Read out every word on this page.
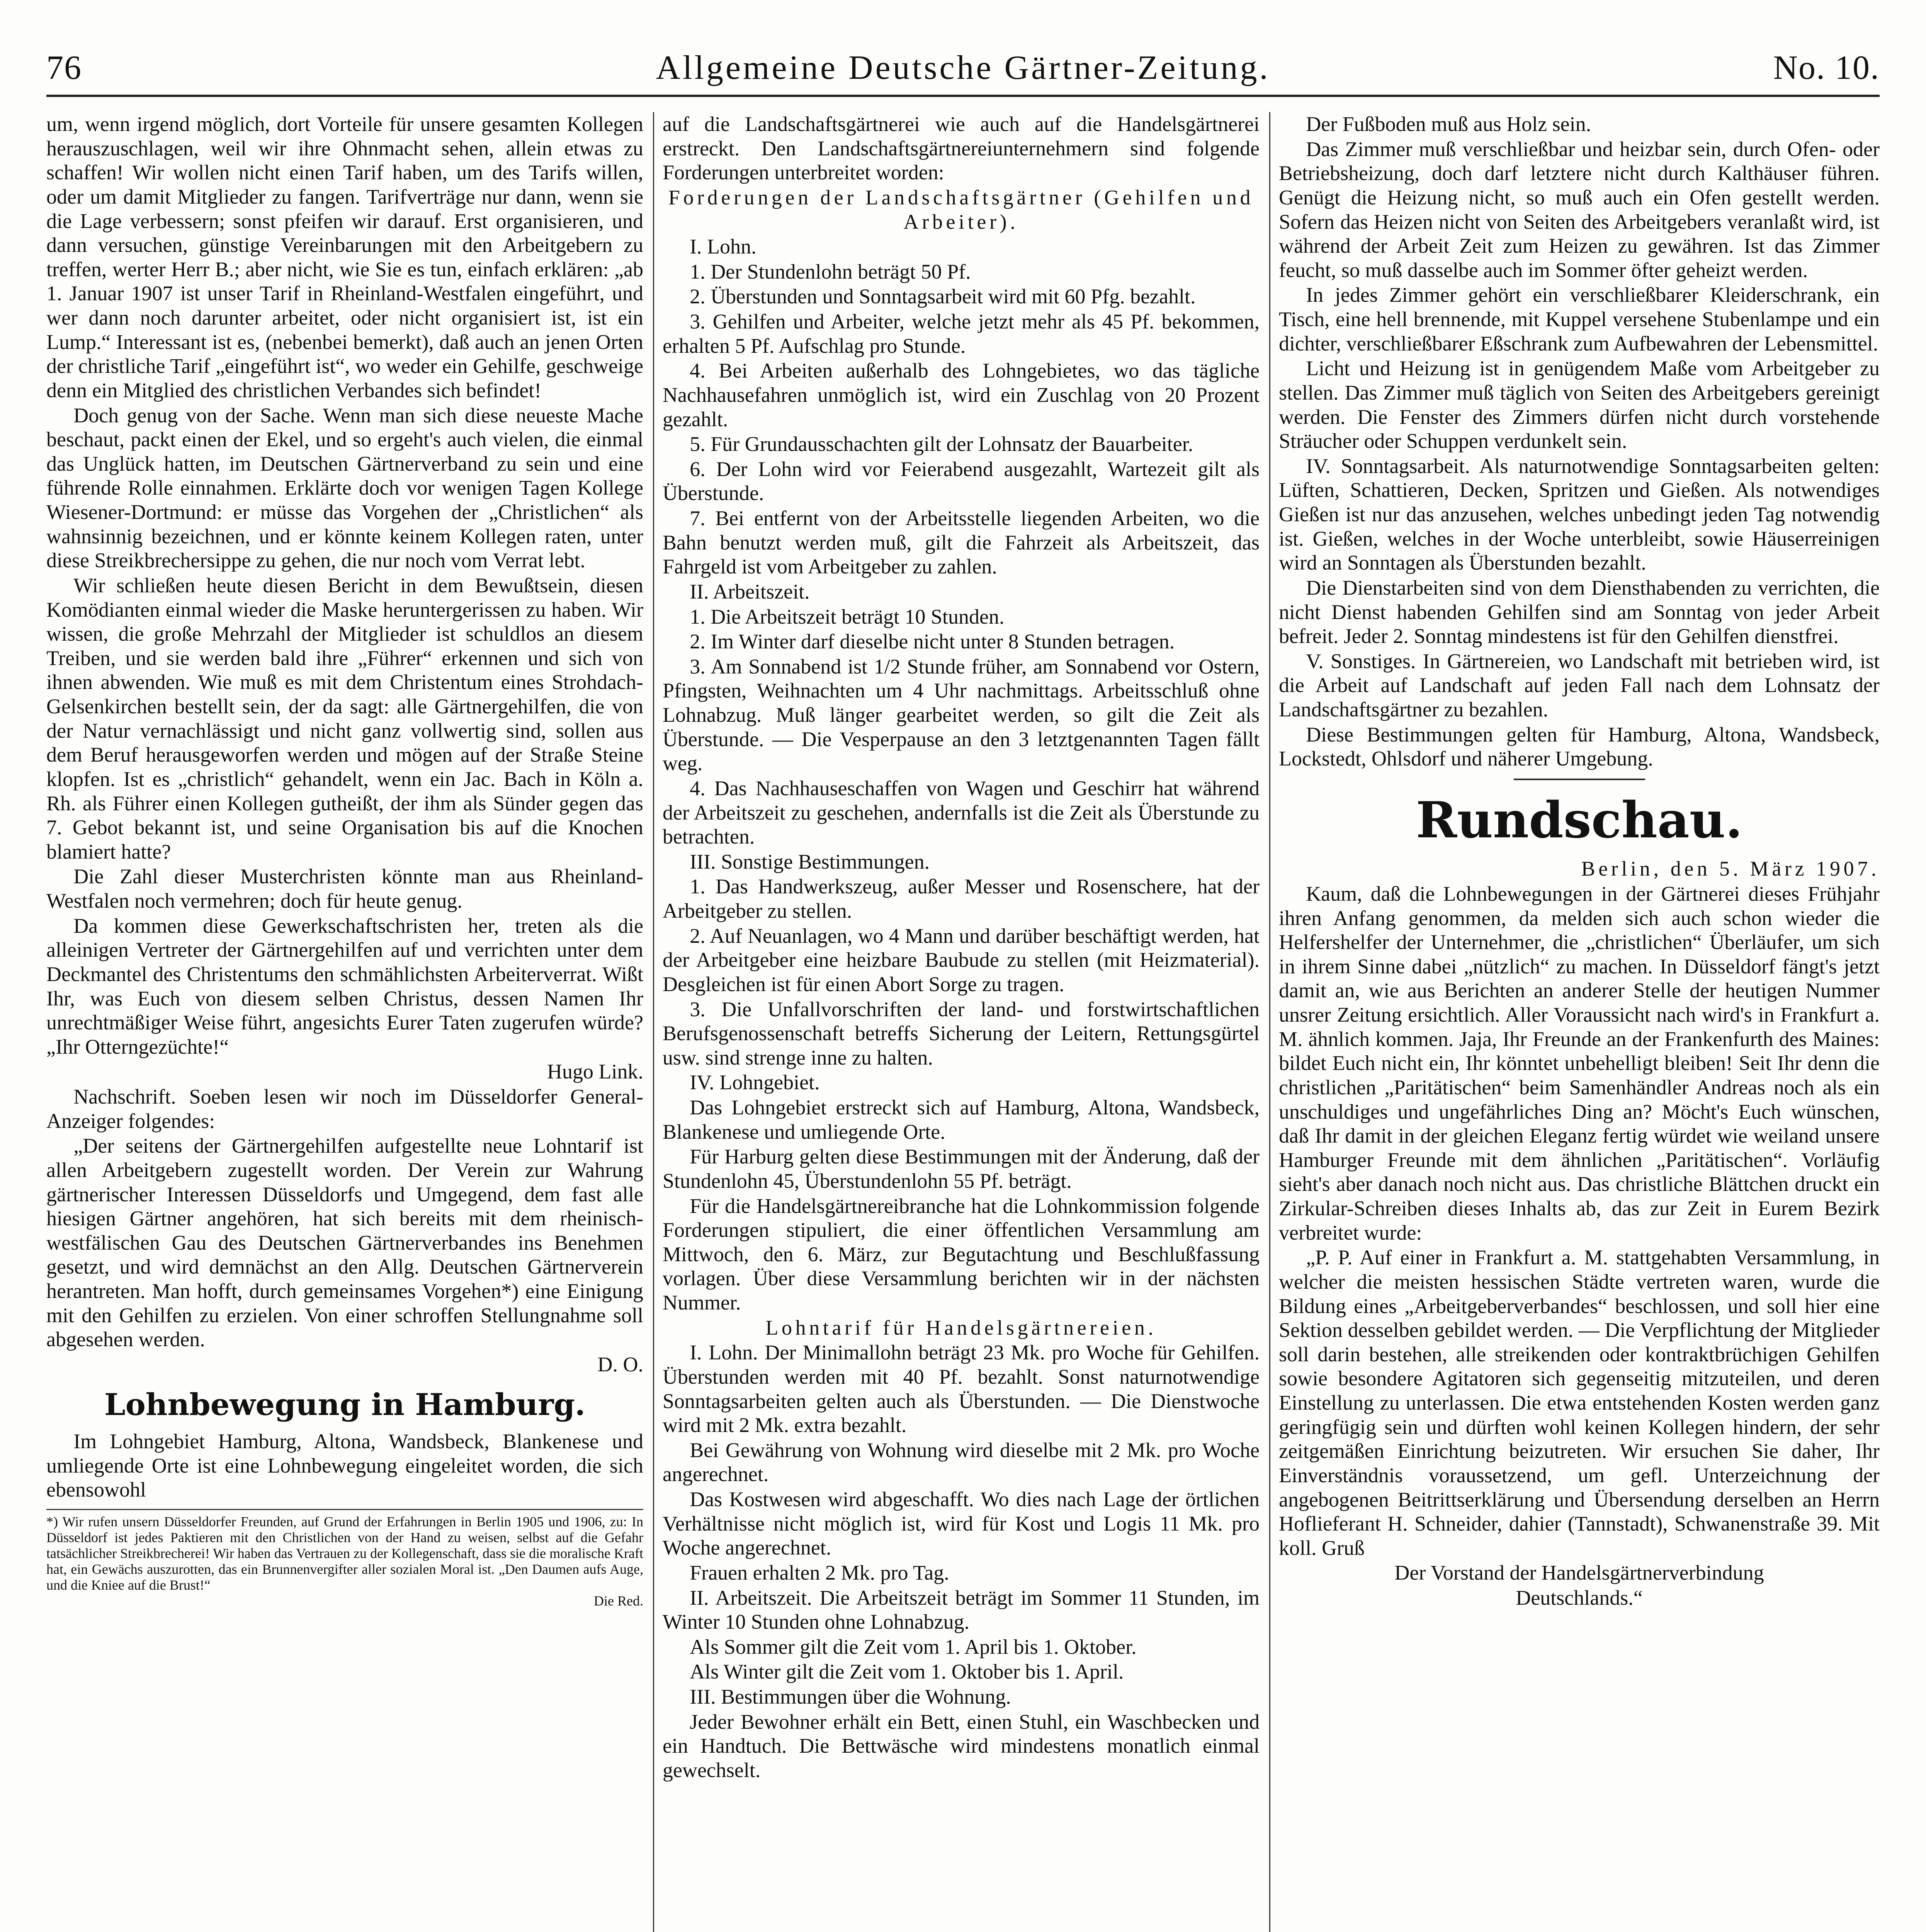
76	Allgemeine Deutsche Gärtner-Zeitung.	No. 10.

um, wenn irgend möglich, dort Vorteile für unsere gesamten Kollegen herauszuschlagen, weil wir ihre Ohnmacht sehen, allein etwas zu schaffen! Wir wollen nicht einen Tarif haben, um des Tarifs willen, oder um damit Mitglieder zu fangen. Tarifverträge nur dann, wenn sie die Lage verbessern; sonst pfeifen wir darauf. Erst organisieren, und dann versuchen, günstige Vereinbarungen mit den Arbeitgebern zu treffen, werter Herr B.; aber nicht, wie Sie es tun, einfach erklären: „ab 1. Januar 1907 ist unser Tarif in Rheinland-Westfalen eingeführt, und wer dann noch darunter arbeitet, oder nicht organisiert ist, ist ein Lump.“ Interessant ist es, (nebenbei bemerkt), daß auch an jenen Orten der christliche Tarif „eingeführt ist“, wo weder ein Gehilfe, geschweige denn ein Mitglied des christlichen Verbandes sich befindet!

Doch genug von der Sache. Wenn man sich diese neueste Mache beschaut, packt einen der Ekel, und so ergeht's auch vielen, die einmal das Unglück hatten, im Deutschen Gärtnerverband zu sein und eine führende Rolle einnahmen. Erklärte doch vor wenigen Tagen Kollege Wiesener-Dortmund: er müsse das Vorgehen der „Christlichen“ als wahnsinnig bezeichnen, und er könnte keinem Kollegen raten, unter diese Streikbrechersippe zu gehen, die nur noch vom Verrat lebt.

Wir schließen heute diesen Bericht in dem Bewußtsein, diesen Komödianten einmal wieder die Maske heruntergerissen zu haben. Wir wissen, die große Mehrzahl der Mitglieder ist schuldlos an diesem Treiben, und sie werden bald ihre „Führer“ erkennen und sich von ihnen abwenden. Wie muß es mit dem Christentum eines Strohdach-Gelsenkirchen bestellt sein, der da sagt: alle Gärtnergehilfen, die von der Natur vernachlässigt und nicht ganz vollwertig sind, sollen aus dem Beruf herausgeworfen werden und mögen auf der Straße Steine klopfen. Ist es „christlich“ gehandelt, wenn ein Jac. Bach in Köln a. Rh. als Führer einen Kollegen gutheißt, der ihm als Sünder gegen das 7. Gebot bekannt ist, und seine Organisation bis auf die Knochen blamiert hatte?

Die Zahl dieser Musterchristen könnte man aus Rheinland-Westfalen noch vermehren; doch für heute genug.

Da kommen diese Gewerkschaftschristen her, treten als die alleinigen Vertreter der Gärtnergehilfen auf und verrichten unter dem Deckmantel des Christentums den schmählichsten Arbeiterverrat. Wißt Ihr, was Euch von diesem selben Christus, dessen Namen Ihr unrechtmäßiger Weise führt, angesichts Eurer Taten zugerufen würde? „Ihr Otterngezüchte!“

Hugo Link.

Nachschrift. Soeben lesen wir noch im Düsseldorfer General-Anzeiger folgendes:

„Der seitens der Gärtnergehilfen aufgestellte neue Lohntarif ist allen Arbeitgebern zugestellt worden. Der Verein zur Wahrung gärtnerischer Interessen Düsseldorfs und Umgegend, dem fast alle hiesigen Gärtner angehören, hat sich bereits mit dem rheinisch-westfälischen Gau des Deutschen Gärtnerverbandes ins Benehmen gesetzt, und wird demnächst an den Allg. Deutschen Gärtnerverein herantreten. Man hofft, durch gemeinsames Vorgehen*) eine Einigung mit den Gehilfen zu erzielen. Von einer schroffen Stellungnahme soll abgesehen werden.

D. O.

Lohnbewegung in Hamburg.

Im Lohngebiet Hamburg, Altona, Wandsbeck, Blankenese und umliegende Orte ist eine Lohnbewegung eingeleitet worden, die sich ebensowohl

*) Wir rufen unsern Düsseldorfer Freunden, auf Grund der Erfahrungen in Berlin 1905 und 1906, zu: In Düsseldorf ist jedes Paktieren mit den Christlichen von der Hand zu weisen, selbst auf die Gefahr tatsächlicher Streikbrecherei! Wir haben das Vertrauen zu der Kollegenschaft, dass sie die moralische Kraft hat, ein Gewächs auszurotten, das ein Brunnenvergifter aller sozialen Moral ist. „Den Daumen aufs Auge, und die Kniee auf die Brust!“

Die Red.

auf die Landschaftsgärtnerei wie auch auf die Handelsgärtnerei erstreckt. Den Landschaftsgärtnereiunternehmern sind folgende Forderungen unterbreitet worden:

Forderungen der Landschaftsgärtner (Gehilfen und Arbeiter).

I. Lohn.

1. Der Stundenlohn beträgt 50 Pf.

2. Überstunden und Sonntagsarbeit wird mit 60 Pfg. bezahlt.

3. Gehilfen und Arbeiter, welche jetzt mehr als 45 Pf. bekommen, erhalten 5 Pf. Aufschlag pro Stunde.

4. Bei Arbeiten außerhalb des Lohngebietes, wo das tägliche Nachhausefahren unmöglich ist, wird ein Zuschlag von 20 Prozent gezahlt.

5. Für Grundausschachten gilt der Lohnsatz der Bauarbeiter.

6. Der Lohn wird vor Feierabend ausgezahlt, Wartezeit gilt als Überstunde.

7. Bei entfernt von der Arbeitsstelle liegenden Arbeiten, wo die Bahn benutzt werden muß, gilt die Fahrzeit als Arbeitszeit, das Fahrgeld ist vom Arbeitgeber zu zahlen.

II. Arbeitszeit.

1. Die Arbeitszeit beträgt 10 Stunden.

2. Im Winter darf dieselbe nicht unter 8 Stunden betragen.

3. Am Sonnabend ist 1/2 Stunde früher, am Sonnabend vor Ostern, Pfingsten, Weihnachten um 4 Uhr nachmittags. Arbeitsschluß ohne Lohnabzug. Muß länger gearbeitet werden, so gilt die Zeit als Überstunde. — Die Vesperpause an den 3 letztgenannten Tagen fällt weg.

4. Das Nachhauseschaffen von Wagen und Geschirr hat während der Arbeitszeit zu geschehen, andernfalls ist die Zeit als Überstunde zu betrachten.

III. Sonstige Bestimmungen.

1. Das Handwerkszeug, außer Messer und Rosenschere, hat der Arbeitgeber zu stellen.

2. Auf Neuanlagen, wo 4 Mann und darüber beschäftigt werden, hat der Arbeitgeber eine heizbare Baubude zu stellen (mit Heizmaterial). Desgleichen ist für einen Abort Sorge zu tragen.

3. Die Unfallvorschriften der land- und forstwirtschaftlichen Berufsgenossenschaft betreffs Sicherung der Leitern, Rettungsgürtel usw. sind strenge inne zu halten.

IV. Lohngebiet.

Das Lohngebiet erstreckt sich auf Hamburg, Altona, Wandsbeck, Blankenese und umliegende Orte.

Für Harburg gelten diese Bestimmungen mit der Änderung, daß der Stundenlohn 45, Überstundenlohn 55 Pf. beträgt.

Für die Handelsgärtnereibranche hat die Lohnkommission folgende Forderungen stipuliert, die einer öffentlichen Versammlung am Mittwoch, den 6. März, zur Begutachtung und Beschlußfassung vorlagen. Über diese Versammlung berichten wir in der nächsten Nummer.

Lohntarif für Handelsgärtnereien.

I. Lohn. Der Minimallohn beträgt 23 Mk. pro Woche für Gehilfen. Überstunden werden mit 40 Pf. bezahlt. Sonst naturnotwendige Sonntagsarbeiten gelten auch als Überstunden. — Die Dienstwoche wird mit 2 Mk. extra bezahlt.

Bei Gewährung von Wohnung wird dieselbe mit 2 Mk. pro Woche angerechnet.

Das Kostwesen wird abgeschafft. Wo dies nach Lage der örtlichen Verhältnisse nicht möglich ist, wird für Kost und Logis 11 Mk. pro Woche angerechnet.

Frauen erhalten 2 Mk. pro Tag.

II. Arbeitszeit. Die Arbeitszeit beträgt im Sommer 11 Stunden, im Winter 10 Stunden ohne Lohnabzug.

Als Sommer gilt die Zeit vom 1. April bis 1. Oktober.

Als Winter gilt die Zeit vom 1. Oktober bis 1. April.

III. Bestimmungen über die Wohnung.

Jeder Bewohner erhält ein Bett, einen Stuhl, ein Waschbecken und ein Handtuch. Die Bettwäsche wird mindestens monatlich einmal gewechselt.

Der Fußboden muß aus Holz sein.

Das Zimmer muß verschließbar und heizbar sein, durch Ofen- oder Betriebsheizung, doch darf letztere nicht durch Kalthäuser führen. Genügt die Heizung nicht, so muß auch ein Ofen gestellt werden. Sofern das Heizen nicht von Seiten des Arbeitgebers veranlaßt wird, ist während der Arbeit Zeit zum Heizen zu gewähren. Ist das Zimmer feucht, so muß dasselbe auch im Sommer öfter geheizt werden.

In jedes Zimmer gehört ein verschließbarer Kleiderschrank, ein Tisch, eine hell brennende, mit Kuppel versehene Stubenlampe und ein dichter, verschließbarer Eßschrank zum Aufbewahren der Lebensmittel.

Licht und Heizung ist in genügendem Maße vom Arbeitgeber zu stellen. Das Zimmer muß täglich von Seiten des Arbeitgebers gereinigt werden. Die Fenster des Zimmers dürfen nicht durch vorstehende Sträucher oder Schuppen verdunkelt sein.

IV. Sonntagsarbeit. Als naturnotwendige Sonntagsarbeiten gelten: Lüften, Schattieren, Decken, Spritzen und Gießen. Als notwendiges Gießen ist nur das anzusehen, welches unbedingt jeden Tag notwendig ist. Gießen, welches in der Woche unterbleibt, sowie Häuserreinigen wird an Sonntagen als Überstunden bezahlt.

Die Dienstarbeiten sind von dem Diensthabenden zu verrichten, die nicht Dienst habenden Gehilfen sind am Sonntag von jeder Arbeit befreit. Jeder 2. Sonntag mindestens ist für den Gehilfen dienstfrei.

V. Sonstiges. In Gärtnereien, wo Landschaft mit betrieben wird, ist die Arbeit auf Landschaft auf jeden Fall nach dem Lohnsatz der Landschaftsgärtner zu bezahlen.

Diese Bestimmungen gelten für Hamburg, Altona, Wandsbeck, Lockstedt, Ohlsdorf und näherer Umgebung.

Rundschau.

Berlin, den 5. März 1907.

Kaum, daß die Lohnbewegungen in der Gärtnerei dieses Frühjahr ihren Anfang genommen, da melden sich auch schon wieder die Helfershelfer der Unternehmer, die „christlichen“ Überläufer, um sich in ihrem Sinne dabei „nützlich“ zu machen. In Düsseldorf fängt's jetzt damit an, wie aus Berichten an anderer Stelle der heutigen Nummer unsrer Zeitung ersichtlich. Aller Voraussicht nach wird's in Frankfurt a. M. ähnlich kommen. Jaja, Ihr Freunde an der Frankenfurth des Maines: bildet Euch nicht ein, Ihr könntet unbehelligt bleiben! Seit Ihr denn die christlichen „Paritätischen“ beim Samenhändler Andreas noch als ein unschuldiges und ungefährliches Ding an? Möcht's Euch wünschen, daß Ihr damit in der gleichen Eleganz fertig würdet wie weiland unsere Hamburger Freunde mit dem ähnlichen „Paritätischen“. Vorläufig sieht's aber danach noch nicht aus. Das christliche Blättchen druckt ein Zirkular-Schreiben dieses Inhalts ab, das zur Zeit in Eurem Bezirk verbreitet wurde:

„P. P. Auf einer in Frankfurt a. M. stattgehabten Versammlung, in welcher die meisten hessischen Städte vertreten waren, wurde die Bildung eines „Arbeitgeberverbandes“ beschlossen, und soll hier eine Sektion desselben gebildet werden. — Die Verpflichtung der Mitglieder soll darin bestehen, alle streikenden oder kontraktbrüchigen Gehilfen sowie besondere Agitatoren sich gegenseitig mitzuteilen, und deren Einstellung zu unterlassen. Die etwa entstehenden Kosten werden ganz geringfügig sein und dürften wohl keinen Kollegen hindern, der sehr zeitgemäßen Einrichtung beizutreten. Wir ersuchen Sie daher, Ihr Einverständnis voraussetzend, um gefl. Unterzeichnung der angebogenen Beitrittserklärung und Übersendung derselben an Herrn Hoflieferant H. Schneider, dahier (Tannstadt), Schwanenstraße 39. Mit koll. Gruß

Der Vorstand der Handelsgärtnerverbindung

Deutschlands.“
